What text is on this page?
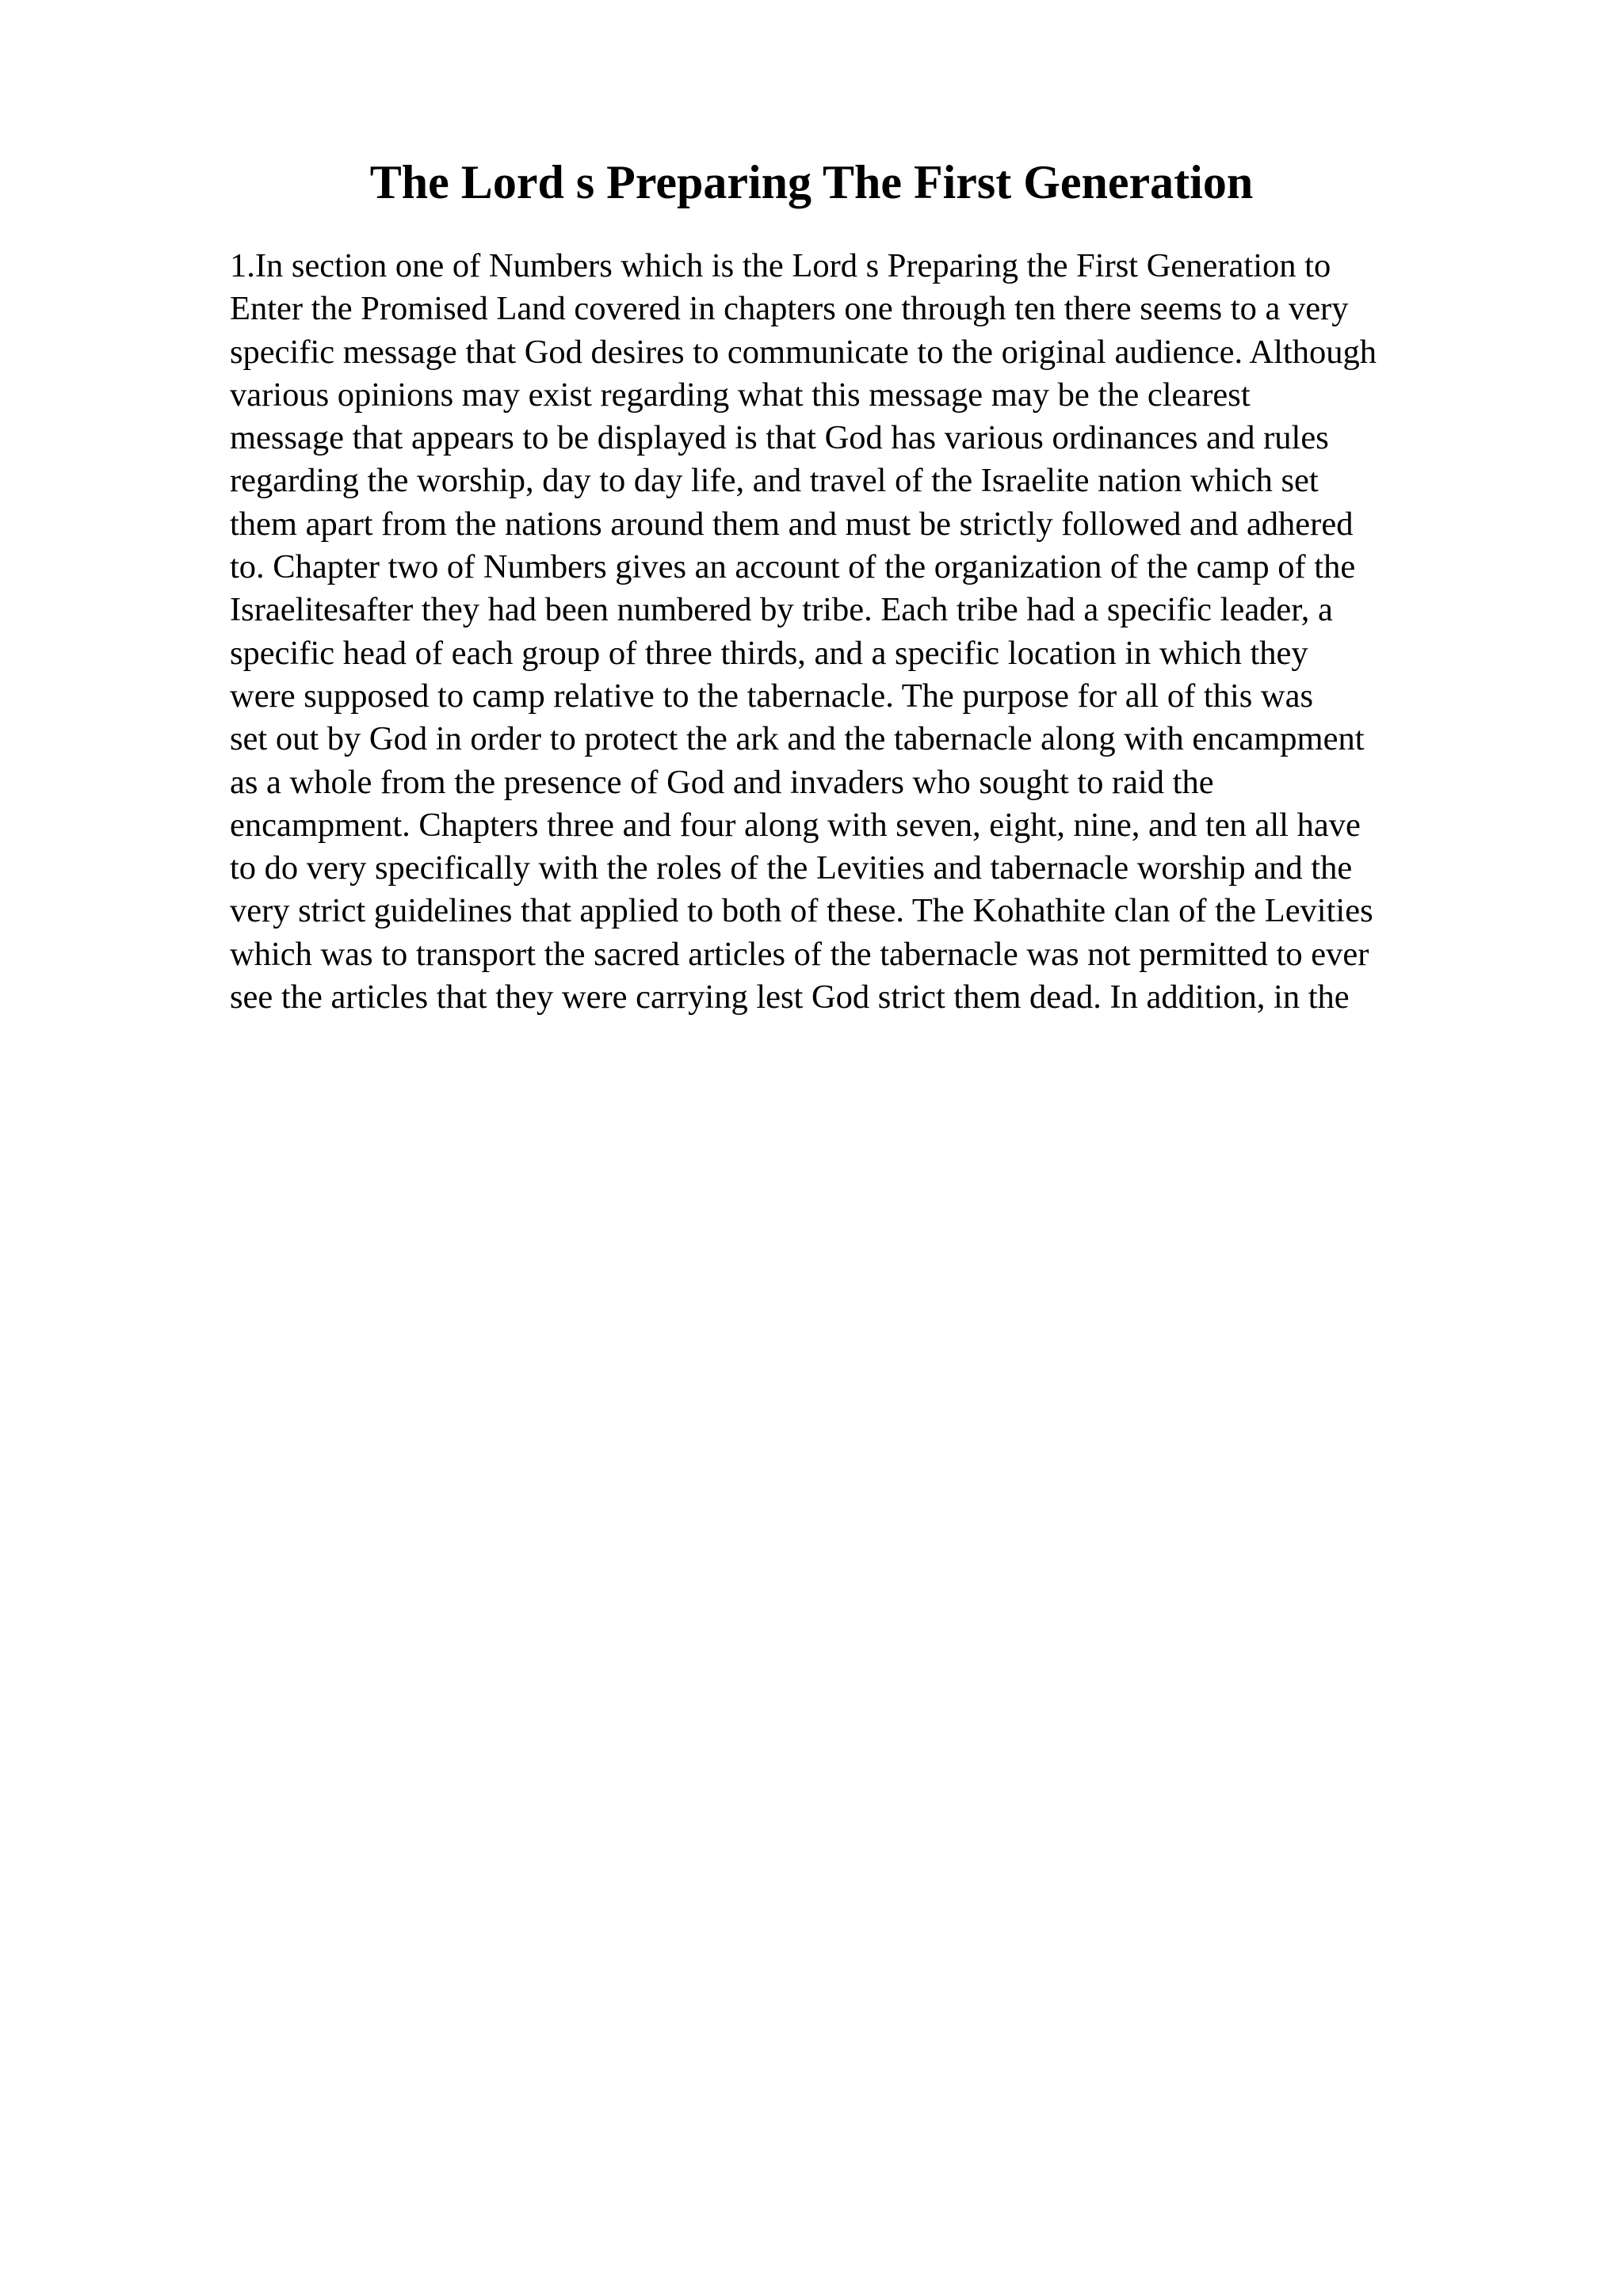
The Lord s Preparing The First Generation
1.In section one of Numbers which is the Lord s Preparing the First Generation to
Enter the Promised Land covered in chapters one through ten there seems to a very
specific message that God desires to communicate to the original audience. Although
various opinions may exist regarding what this message may be the clearest
message that appears to be displayed is that God has various ordinances and rules
regarding the worship, day to day life, and travel of the Israelite nation which set
them apart from the nations around them and must be strictly followed and adhered
to. Chapter two of Numbers gives an account of the organization of the camp of the
Israelitesafter they had been numbered by tribe. Each tribe had a specific leader, a
specific head of each group of three thirds, and a specific location in which they
were supposed to camp relative to the tabernacle. The purpose for all of this was
set out by God in order to protect the ark and the tabernacle along with encampment
as a whole from the presence of God and invaders who sought to raid the
encampment. Chapters three and four along with seven, eight, nine, and ten all have
to do very specifically with the roles of the Levities and tabernacle worship and the
very strict guidelines that applied to both of these. The Kohathite clan of the Levities
which was to transport the sacred articles of the tabernacle was not permitted to ever
see the articles that they were carrying lest God strict them dead. In addition, in the
